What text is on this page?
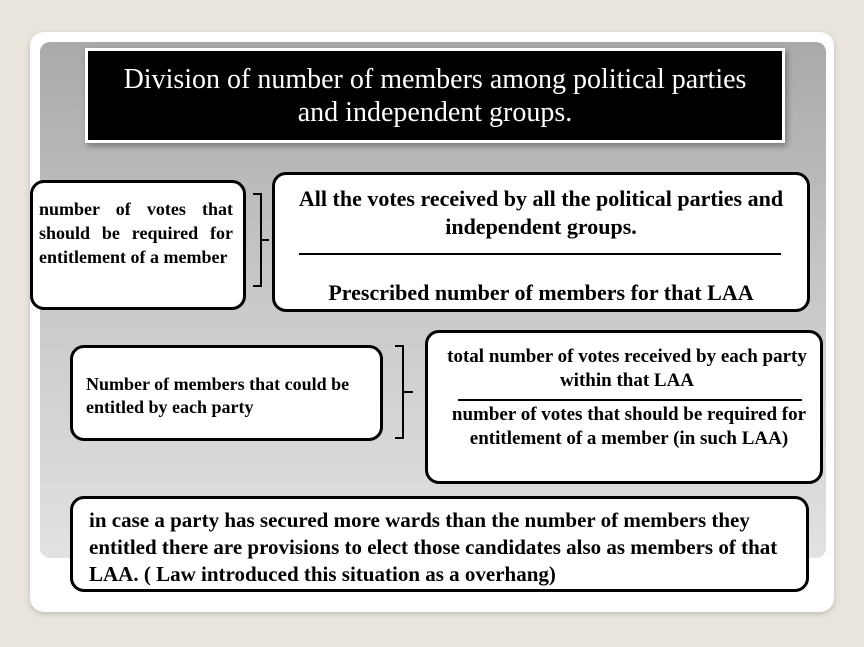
Division of number of members among political parties and independent groups.
number of votes that should be required for entitlement of a member
All the votes received by all the political parties and independent groups.
Prescribed number of members for that LAA
Number of members that could be entitled by each party
total number of votes received by each party within that LAA
number of votes that should be required for entitlement of a member (in such LAA)
in case a party has secured more wards than the number of members they entitled there are provisions to elect those candidates also as members of that LAA. ( Law introduced this situation as a overhang)
